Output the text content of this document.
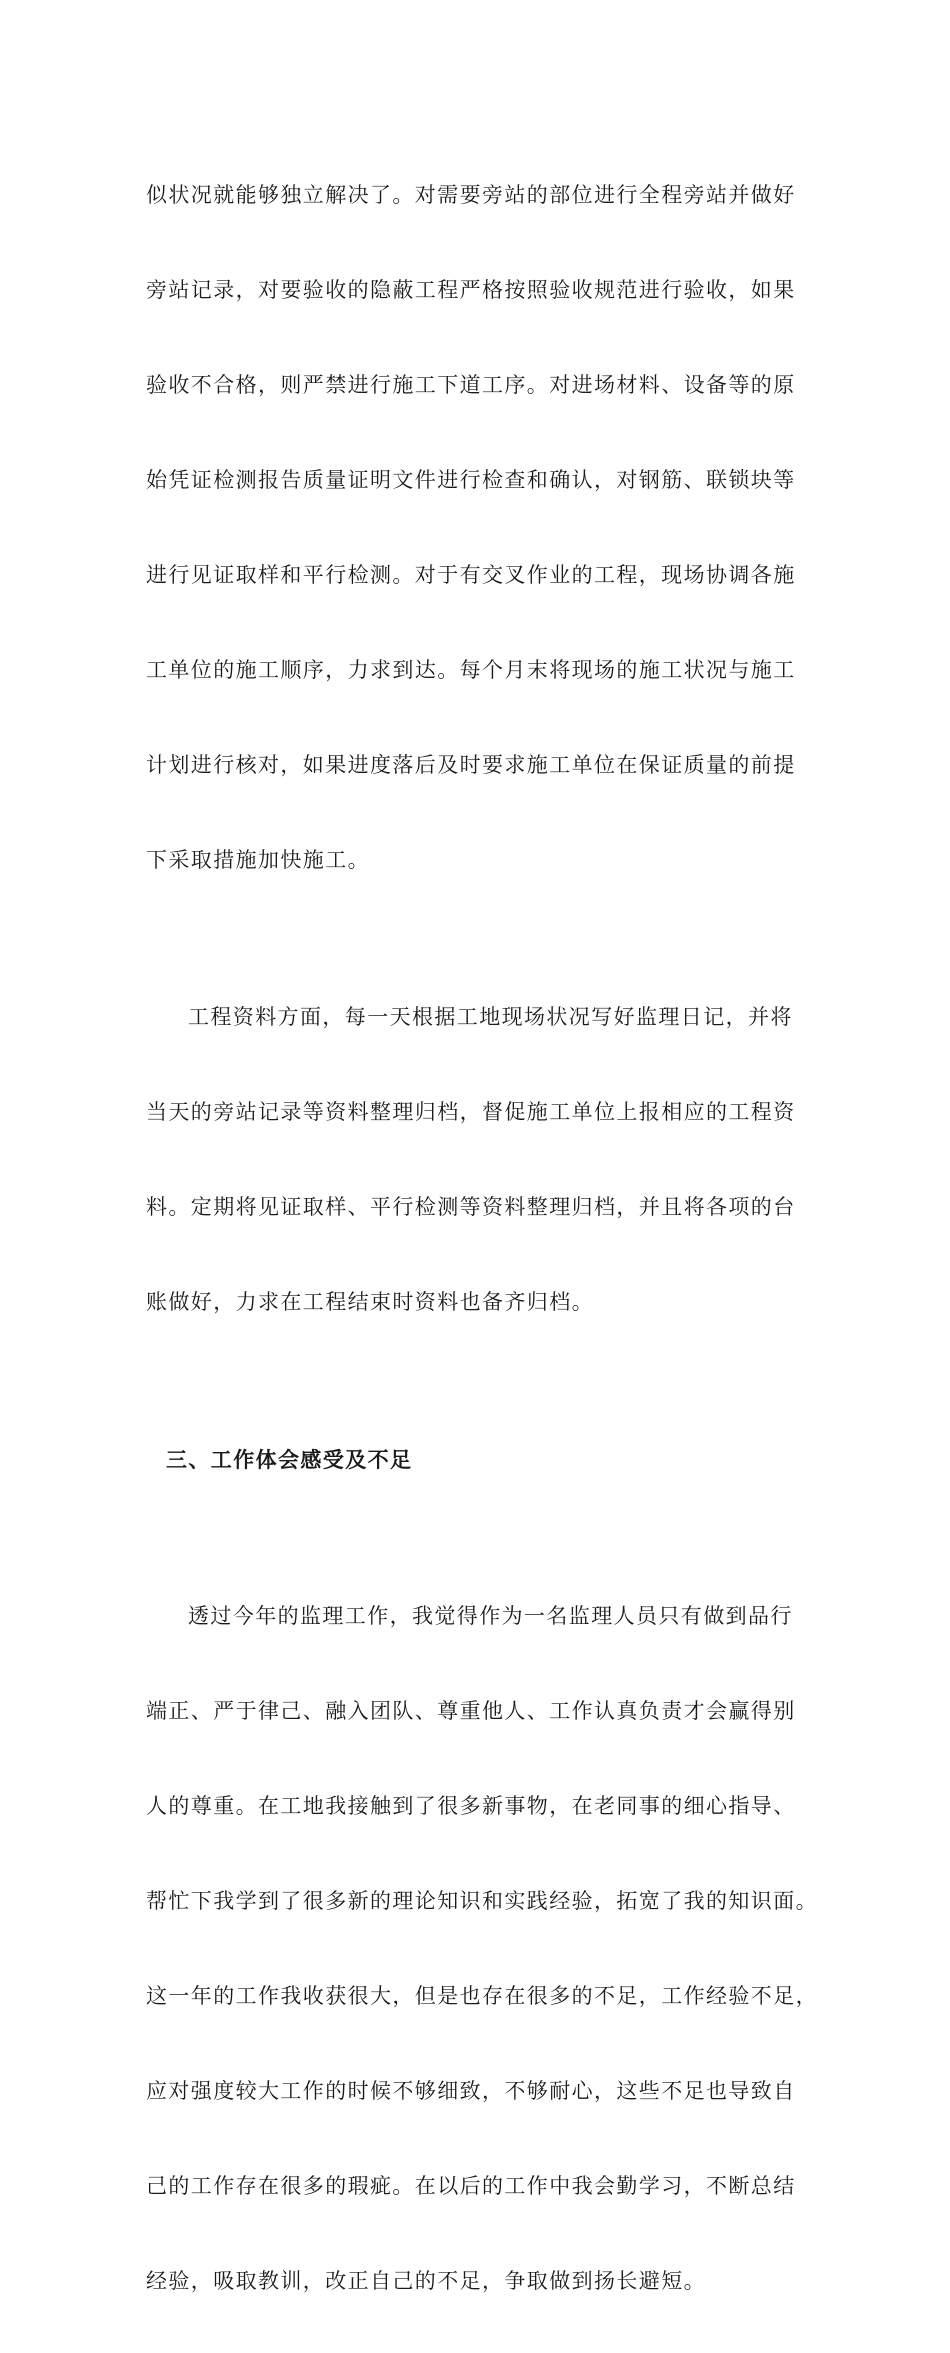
似状况就能够独立解决了。对需要旁站的部位进行全程旁站并做好

旁站记录，对要验收的隐蔽工程严格按照验收规范进行验收，如果

验收不合格，则严禁进行施工下道工序。对进场材料、设备等的原

始凭证检测报告质量证明文件进行检查和确认，对钢筋、联锁块等

进行见证取样和平行检测。对于有交叉作业的工程，现场协调各施

工单位的施工顺序，力求到达。每个月末将现场的施工状况与施工

计划进行核对，如果进度落后及时要求施工单位在保证质量的前提

下采取措施加快施工。

工程资料方面，每一天根据工地现场状况写好监理日记，并将

当天的旁站记录等资料整理归档，督促施工单位上报相应的工程资

料。定期将见证取样、平行检测等资料整理归档，并且将各项的台

账做好，力求在工程结束时资料也备齐归档。

三、工作体会感受及不足

透过今年的监理工作，我觉得作为一名监理人员只有做到品行

端正、严于律己、融入团队、尊重他人、工作认真负责才会赢得别

人的尊重。在工地我接触到了很多新事物，在老同事的细心指导、

帮忙下我学到了很多新的理论知识和实践经验，拓宽了我的知识面。

这一年的工作我收获很大，但是也存在很多的不足，工作经验不足，

应对强度较大工作的时候不够细致，不够耐心，这些不足也导致自

己的工作存在很多的瑕疵。在以后的工作中我会勤学习，不断总结

经验，吸取教训，改正自己的不足，争取做到扬长避短。
